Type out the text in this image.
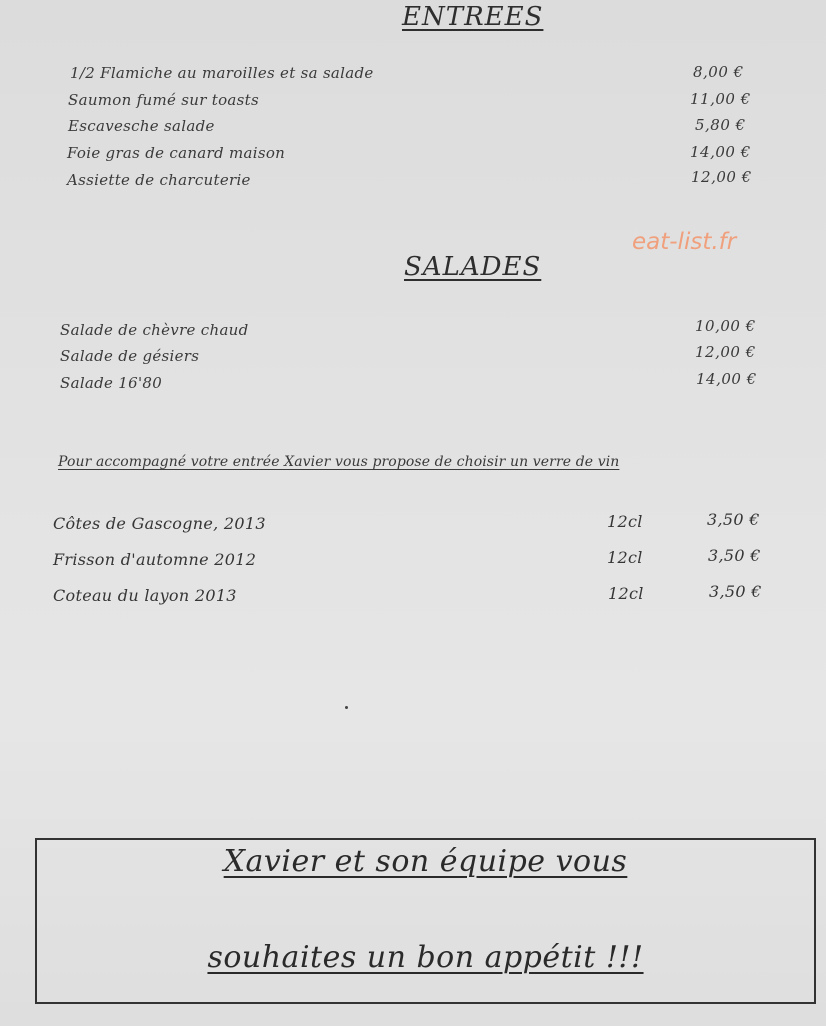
ENTREES
1/2 Flamiche au maroilles et sa salade	8,00 €
Saumon fumé sur toasts	11,00 €
Escavesche salade	5,80 €
Foie gras de canard maison	14,00 €
Assiette de charcuterie	12,00 €
eat-list.fr
SALADES
Salade de chèvre chaud	10,00 €
Salade de gésiers	12,00 €
Salade 16'80	14,00 €
Pour accompagné votre entrée Xavier vous propose de choisir un verre de vin
Côtes de Gascogne, 2013	12cl	3,50 €
Frisson d'automne 2012	12cl	3,50 €
Coteau du layon 2013	12cl	3,50 €
Xavier et son équipe vous
souhaites un bon appétit !!!
